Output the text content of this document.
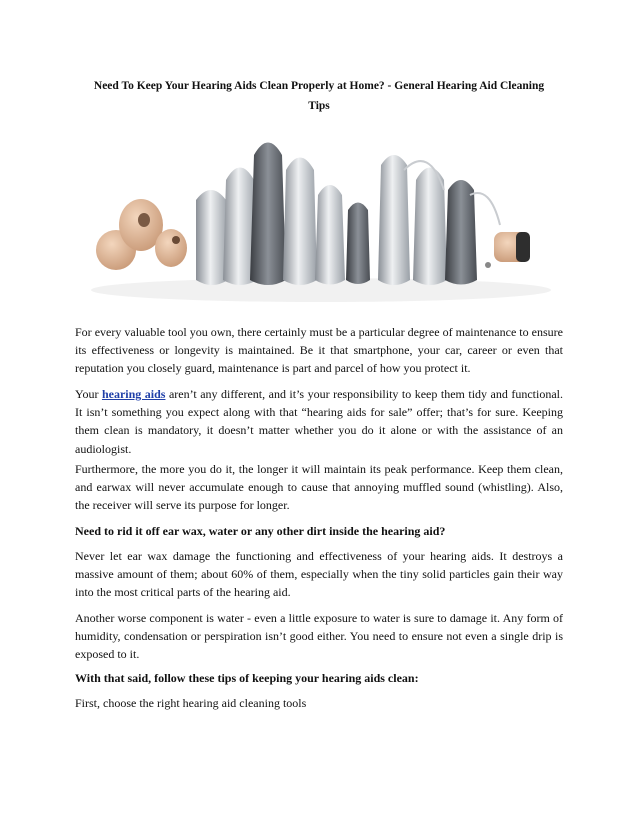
Need To Keep Your Hearing Aids Clean Properly at Home? - General Hearing Aid Cleaning Tips
For every valuable tool you own, there certainly must be a particular degree of maintenance to ensure its effectiveness or longevity is maintained. Be it that smartphone, your car, career or even that reputation you closely guard, maintenance is part and parcel of how you protect it.
Your hearing aids aren’t any different, and it’s your responsibility to keep them tidy and functional. It isn’t something you expect along with that “hearing aids for sale” offer; that’s for sure. Keeping them clean is mandatory, it doesn’t matter whether you do it alone or with the assistance of an audiologist.
Furthermore, the more you do it, the longer it will maintain its peak performance. Keep them clean, and earwax will never accumulate enough to cause that annoying muffled sound (whistling). Also, the receiver will serve its purpose for longer.
Need to rid it off ear wax, water or any other dirt inside the hearing aid?
Never let ear wax damage the functioning and effectiveness of your hearing aids. It destroys a massive amount of them; about 60% of them, especially when the tiny solid particles gain their way into the most critical parts of the hearing aid.
Another worse component is water - even a little exposure to water is sure to damage it. Any form of humidity, condensation or perspiration isn’t good either. You need to ensure not even a single drip is exposed to it.
With that said, follow these tips of keeping your hearing aids clean:
First, choose the right hearing aid cleaning tools
